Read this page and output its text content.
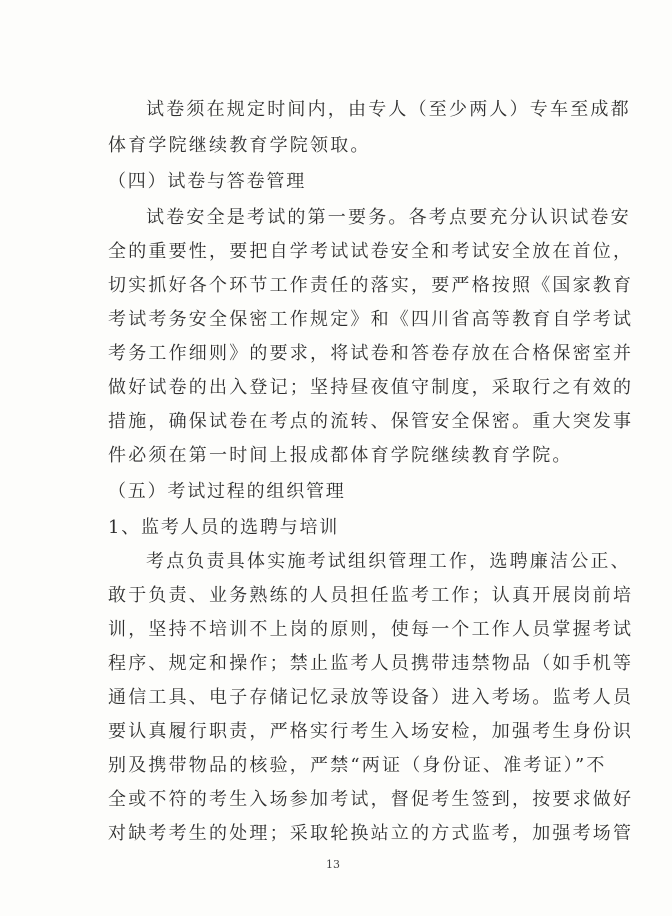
试卷须在规定时间内，由专人（至少两人）专车至成都
体育学院继续教育学院领取。
（四）试卷与答卷管理
试卷安全是考试的第一要务。各考点要充分认识试卷安
全的重要性，要把自学考试试卷安全和考试安全放在首位，
切实抓好各个环节工作责任的落实，要严格按照《国家教育
考试考务安全保密工作规定》和《四川省高等教育自学考试
考务工作细则》的要求，将试卷和答卷存放在合格保密室并
做好试卷的出入登记；坚持昼夜值守制度，采取行之有效的
措施，确保试卷在考点的流转、保管安全保密。重大突发事
件必须在第一时间上报成都体育学院继续教育学院。
（五）考试过程的组织管理
1、监考人员的选聘与培训
考点负责具体实施考试组织管理工作，选聘廉洁公正、
敢于负责、业务熟练的人员担任监考工作；认真开展岗前培
训，坚持不培训不上岗的原则，使每一个工作人员掌握考试
程序、规定和操作；禁止监考人员携带违禁物品（如手机等
通信工具、电子存储记忆录放等设备）进入考场。监考人员
要认真履行职责，严格实行考生入场安检，加强考生身份识
别及携带物品的核验，严禁“两证（身份证、准考证）”不
全或不符的考生入场参加考试，督促考生签到，按要求做好
对缺考考生的处理；采取轮换站立的方式监考，加强考场管
13
